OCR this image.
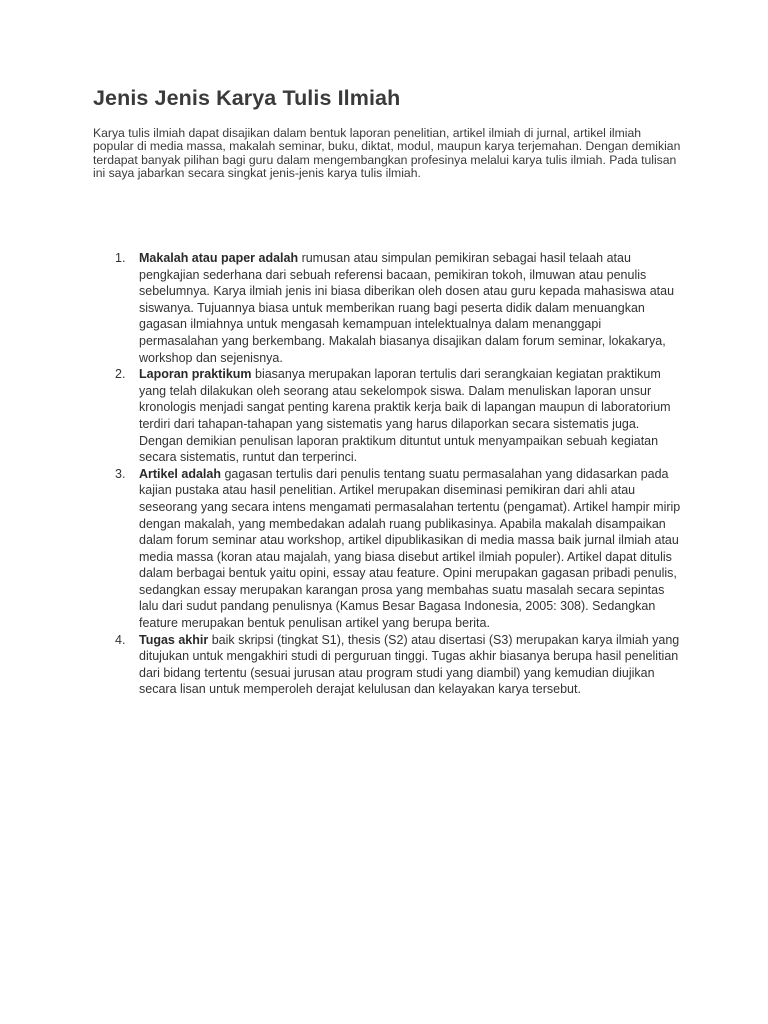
Jenis Jenis Karya Tulis Ilmiah

Karya tulis ilmiah dapat disajikan dalam bentuk laporan penelitian, artikel ilmiah di jurnal, artikel ilmiah popular di media massa, makalah seminar, buku, diktat, modul, maupun karya terjemahan. Dengan demikian terdapat banyak pilihan bagi guru dalam mengembangkan profesinya melalui karya tulis ilmiah. Pada tulisan ini saya jabarkan secara singkat jenis-jenis karya tulis ilmiah.

1. Makalah atau paper adalah rumusan atau simpulan pemikiran sebagai hasil telaah atau pengkajian sederhana dari sebuah referensi bacaan, pemikiran tokoh, ilmuwan atau penulis sebelumnya. Karya ilmiah jenis ini biasa diberikan oleh dosen atau guru kepada mahasiswa atau siswanya. Tujuannya biasa untuk memberikan ruang bagi peserta didik dalam menuangkan gagasan ilmiahnya untuk mengasah kemampuan intelektualnya dalam menanggapi permasalahan yang berkembang. Makalah biasanya disajikan dalam forum seminar, lokakarya, workshop dan sejenisnya.
2. Laporan praktikum biasanya merupakan laporan tertulis dari serangkaian kegiatan praktikum yang telah dilakukan oleh seorang atau sekelompok siswa. Dalam menuliskan laporan unsur kronologis menjadi sangat penting karena praktik kerja baik di lapangan maupun di laboratorium terdiri dari tahapan-tahapan yang sistematis yang harus dilaporkan secara sistematis juga. Dengan demikian penulisan laporan praktikum dituntut untuk menyampaikan sebuah kegiatan secara sistematis, runtut dan terperinci.
3. Artikel adalah gagasan tertulis dari penulis tentang suatu permasalahan yang didasarkan pada kajian pustaka atau hasil penelitian. Artikel merupakan diseminasi pemikiran dari ahli atau seseorang yang secara intens mengamati permasalahan tertentu (pengamat). Artikel hampir mirip dengan makalah, yang membedakan adalah ruang publikasinya. Apabila makalah disampaikan dalam forum seminar atau workshop, artikel dipublikasikan di media massa baik jurnal ilmiah atau media massa (koran atau majalah, yang biasa disebut artikel ilmiah populer). Artikel dapat ditulis dalam berbagai bentuk yaitu opini, essay atau feature. Opini merupakan gagasan pribadi penulis, sedangkan essay merupakan karangan prosa yang membahas suatu masalah secara sepintas lalu dari sudut pandang penulisnya (Kamus Besar Bagasa Indonesia, 2005: 308). Sedangkan feature merupakan bentuk penulisan artikel yang berupa berita.
4. Tugas akhir baik skripsi (tingkat S1), thesis (S2) atau disertasi (S3) merupakan karya ilmiah yang ditujukan untuk mengakhiri studi di perguruan tinggi. Tugas akhir biasanya berupa hasil penelitian dari bidang tertentu (sesuai jurusan atau program studi yang diambil) yang kemudian diujikan secara lisan untuk memperoleh derajat kelulusan dan kelayakan karya tersebut.
